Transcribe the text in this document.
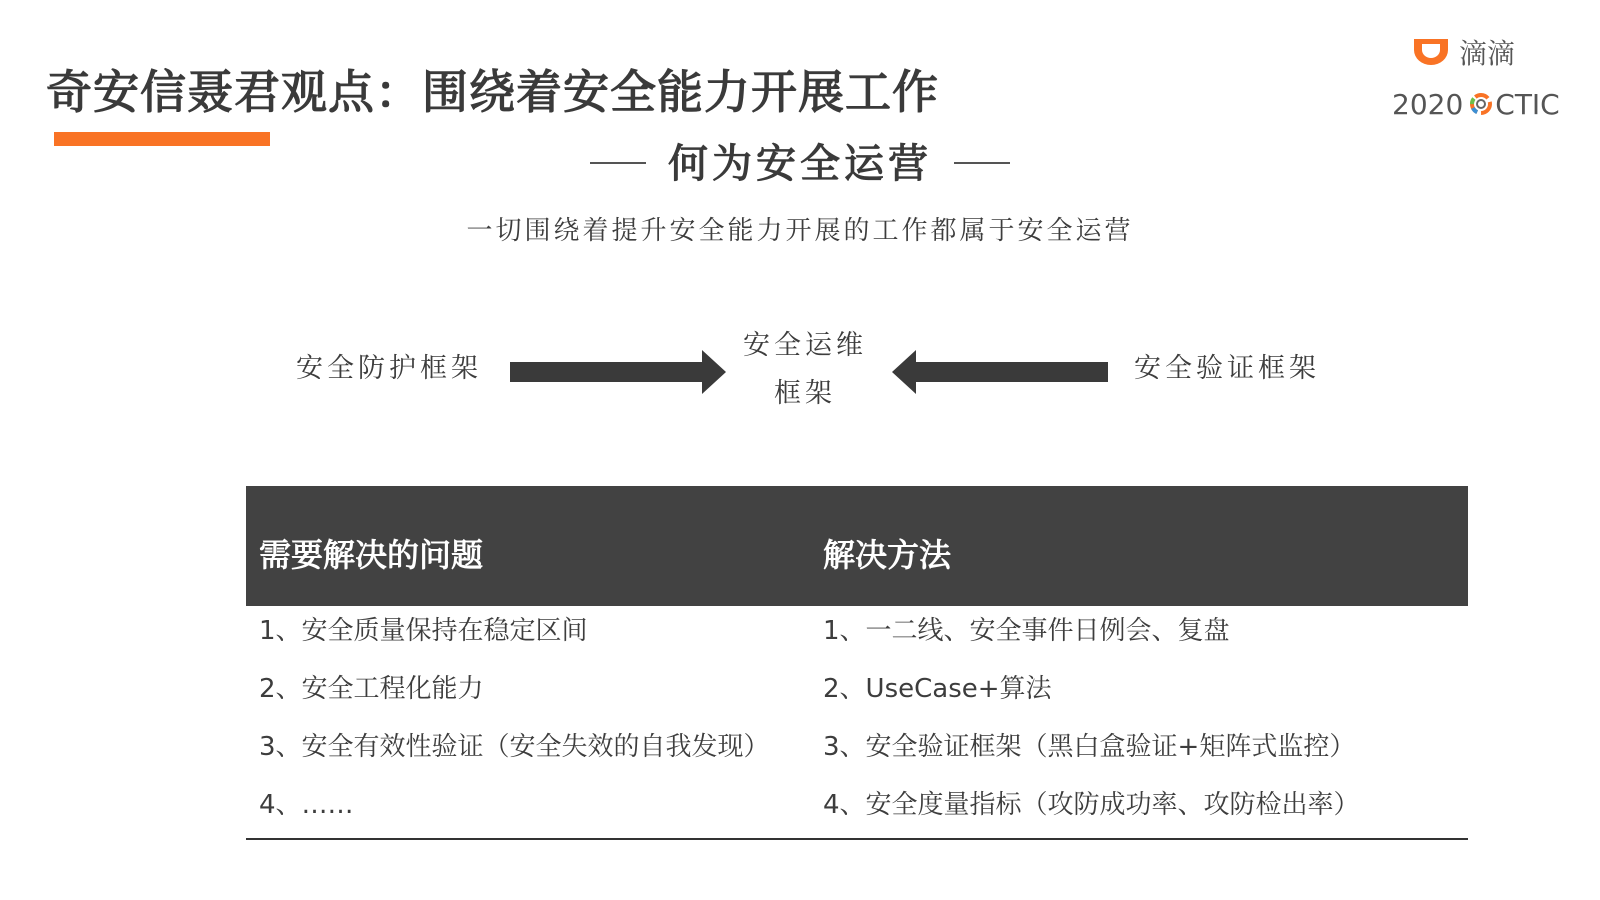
奇安信聂君观点：围绕着安全能力开展工作
滴滴
2020 CTIC
何为安全运营
一切围绕着提升安全能力开展的工作都属于安全运营
安全防护框架
安全运维
框架
安全验证框架
需要解决的问题	解决方法
1、安全质量保持在稳定区间	1、一二线、安全事件日例会、复盘
2、安全工程化能力	2、UseCase+算法
3、安全有效性验证（安全失效的自我发现） 3、安全验证框架（黑白盒验证+矩阵式监控）
4、……	4、安全度量指标（攻防成功率、攻防检出率）
